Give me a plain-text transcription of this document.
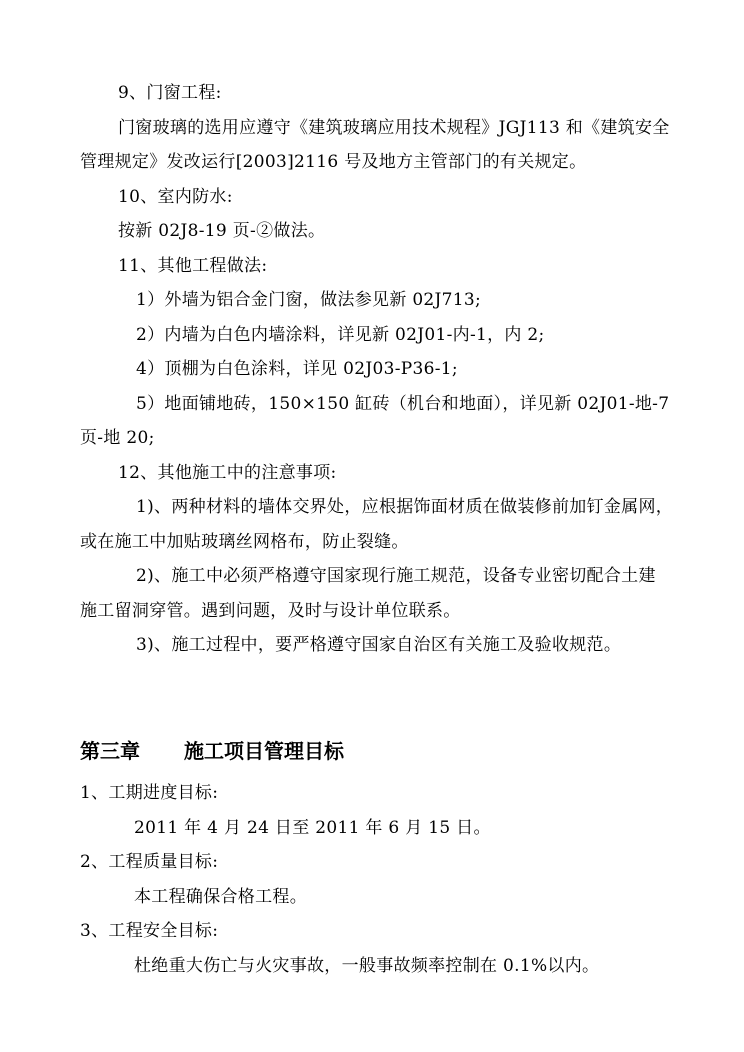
9、门窗工程:
门窗玻璃的选用应遵守《建筑玻璃应用技术规程》JGJ113 和《建筑安全
管理规定》发改运行[2003]2116 号及地方主管部门的有关规定。
10、室内防水:
按新 02J8-19 页-②做法。
11、其他工程做法:
1）外墙为铝合金门窗，做法参见新 02J713;
2）内墙为白色内墙涂料，详见新 02J01-内-1，内 2;
4）顶棚为白色涂料，详见 02J03-P36-1;
5）地面铺地砖，150×150 缸砖（机台和地面），详见新 02J01-地-7
页-地 20;
12、其他施工中的注意事项:
1)、两种材料的墙体交界处，应根据饰面材质在做装修前加钉金属网，
或在施工中加贴玻璃丝网格布，防止裂缝。
2)、施工中必须严格遵守国家现行施工规范，设备专业密切配合土建
施工留洞穿管。遇到问题，及时与设计单位联系。
3)、施工过程中，要严格遵守国家自治区有关施工及验收规范。
第三章 施工项目管理目标
1、工期进度目标:
2011 年 4 月 24 日至 2011 年 6 月 15 日。
2、工程质量目标:
本工程确保合格工程。
3、工程安全目标:
杜绝重大伤亡与火灾事故，一般事故频率控制在 0.1%以内。
